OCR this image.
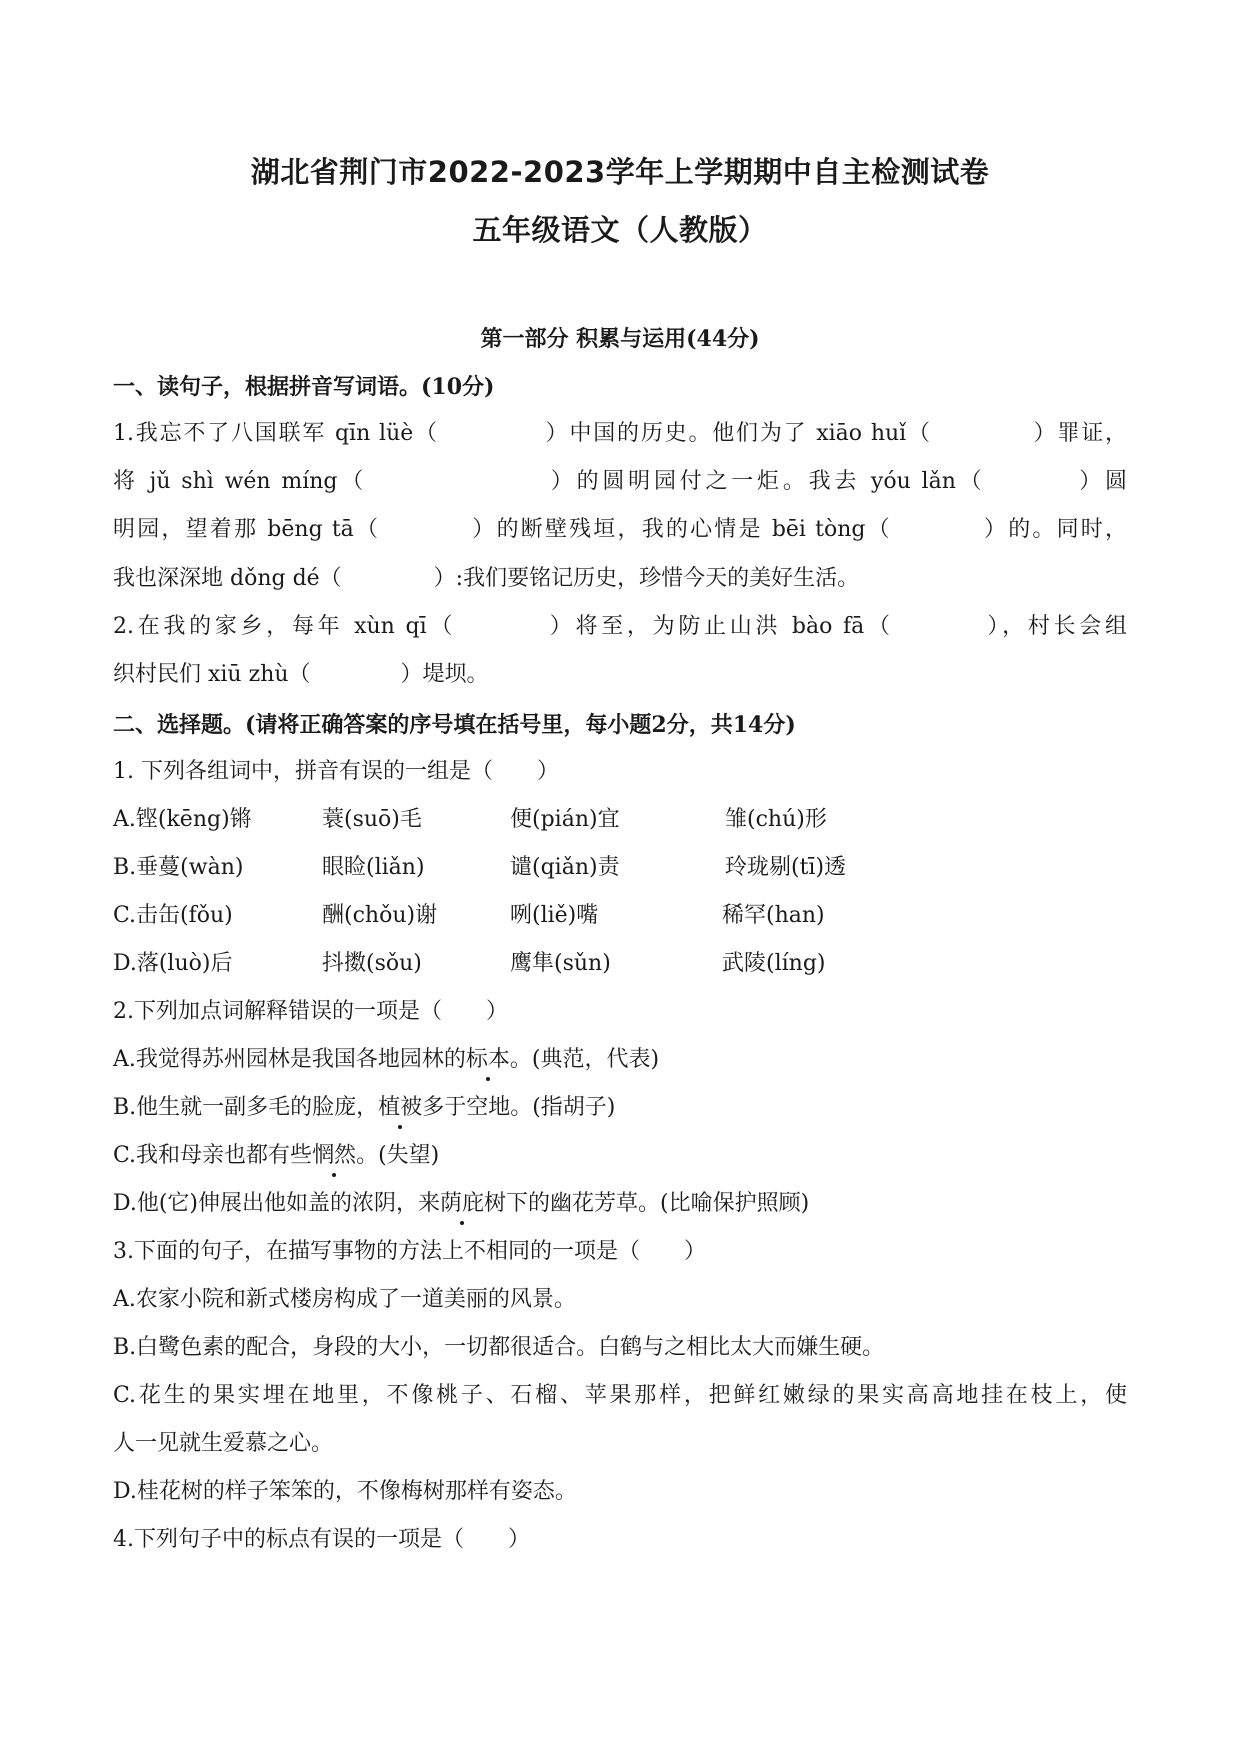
湖北省荆门市2022-2023学年上学期期中自主检测试卷
五年级语文（人教版）
第一部分 积累与运用(44分)
一、读句子，根据拼音写词语。(10分)
1.我忘不了八国联军 qīn lüè（	）中国的历史。他们为了 xiāo huǐ（	）罪证，
将 jǔ shì wén míng（	）的圆明园付之一炬。我去 yóu lǎn（	）圆
明园，望着那 bēng tā（	）的断壁残垣，我的心情是 bēi tòng（	）的。同时，
我也深深地 dǒng dé（	）:我们要铭记历史，珍惜今天的美好生活。
2.在我的家乡，每年 xùn qī（	）将至，为防止山洪 bào fā（	），村长会组
织村民们 xiū zhù（	）堤坝。
二、选择题。(请将正确答案的序号填在括号里，每小题2分，共14分)
1. 下列各组词中，拼音有误的一组是（　　）
A.铿(kēng)锵	蓑(suō)毛	便(pián)宜	雏(chú)形
B.垂蔓(wàn)	眼睑(liǎn)	谴(qiǎn)责	玲珑剔(tī)透
C.击缶(fǒu)	酬(chǒu)谢	咧(liě)嘴	稀罕(han)
D.落(luò)后	抖擞(sǒu)	鹰隼(sǔn)	武陵(líng)
2.下列加点词解释错误的一项是（　　）
A.我觉得苏州园林是我国各地园林的标本。(典范，代表)
B.他生就一副多毛的脸庞，植被多于空地。(指胡子)
C.我和母亲也都有些惘然。(失望)
D.他(它)伸展出他如盖的浓阴，来荫庇树下的幽花芳草。(比喻保护照顾)
3.下面的句子，在描写事物的方法上不相同的一项是（　　）
A.农家小院和新式楼房构成了一道美丽的风景。
B.白鹭色素的配合，身段的大小，一切都很适合。白鹤与之相比太大而嫌生硬。
C.花生的果实埋在地里，不像桃子、石榴、苹果那样，把鲜红嫩绿的果实高高地挂在枝上，使
人一见就生爱慕之心。
D.桂花树的样子笨笨的，不像梅树那样有姿态。
4.下列句子中的标点有误的一项是（　　）
